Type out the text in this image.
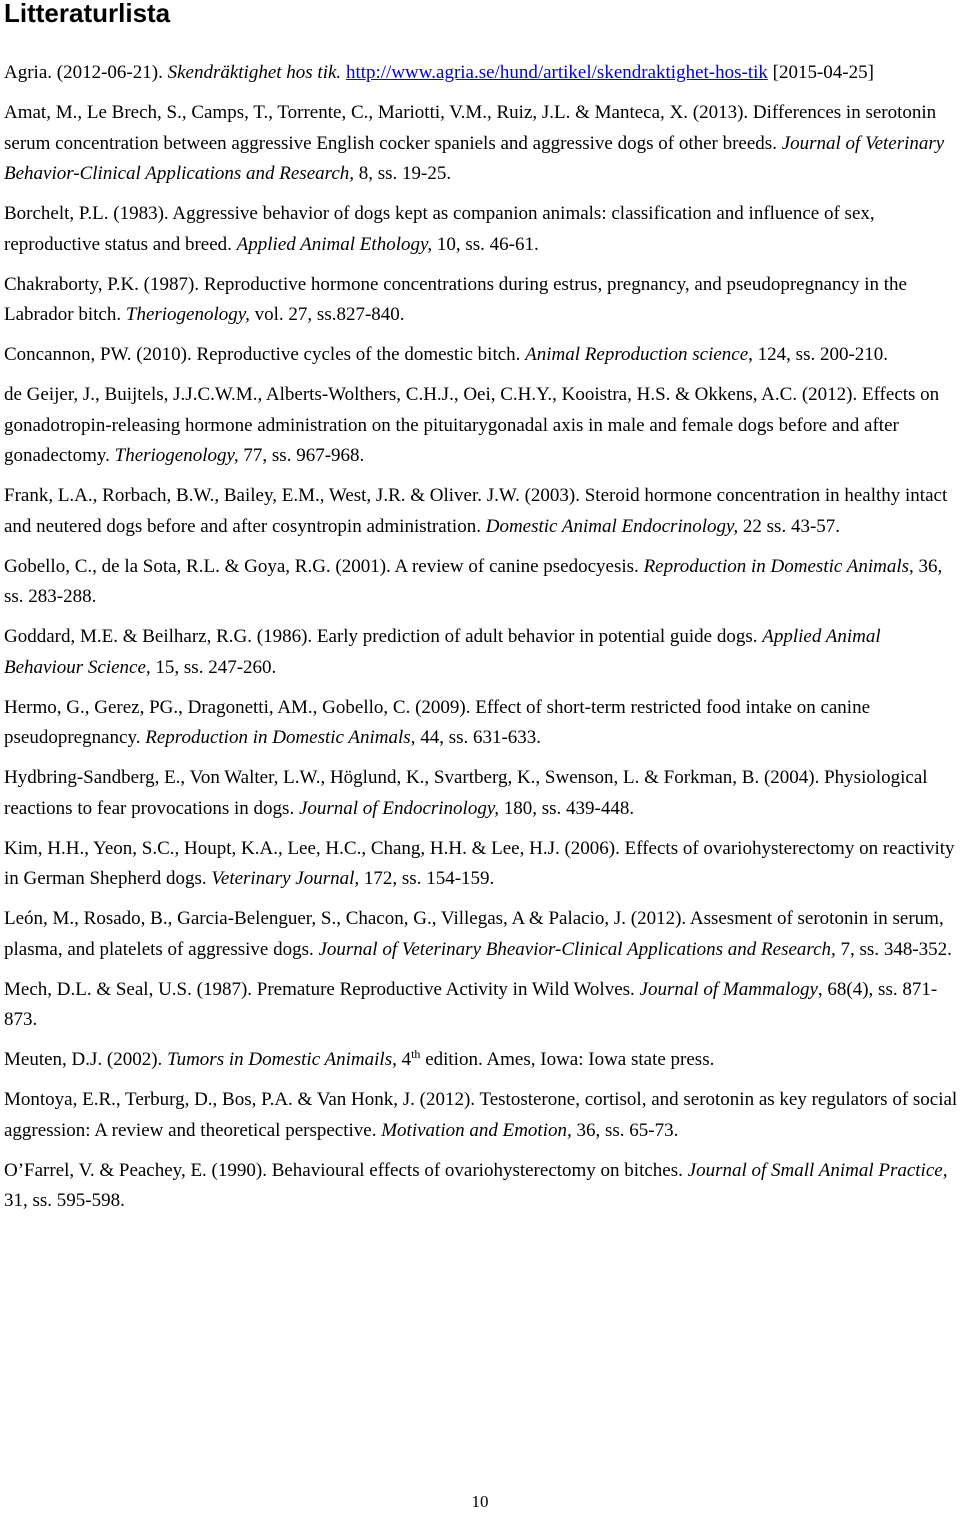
Litteraturlista

Agria. (2012-06-21). Skendräktighet hos tik. http://www.agria.se/hund/artikel/skendraktighet-hos-tik [2015-04-25]

Amat, M., Le Brech, S., Camps, T., Torrente, C., Mariotti, V.M., Ruiz, J.L. & Manteca, X. (2013). Differences in serotonin serum concentration between aggressive English cocker spaniels and aggressive dogs of other breeds. Journal of Veterinary Behavior-Clinical Applications and Research, 8, ss. 19-25.

Borchelt, P.L. (1983). Aggressive behavior of dogs kept as companion animals: classification and influence of sex, reproductive status and breed. Applied Animal Ethology, 10, ss. 46-61.

Chakraborty, P.K. (1987). Reproductive hormone concentrations during estrus, pregnancy, and pseudopregnancy in the Labrador bitch. Theriogenology, vol. 27, ss.827-840.

Concannon, PW. (2010). Reproductive cycles of the domestic bitch. Animal Reproduction science, 124, ss. 200-210.

de Geijer, J., Buijtels, J.J.C.W.M., Alberts-Wolthers, C.H.J., Oei, C.H.Y., Kooistra, H.S. & Okkens, A.C. (2012). Effects on gonadotropin-releasing hormone administration on the pituitarygonadal axis in male and female dogs before and after gonadectomy. Theriogenology, 77, ss. 967-968.

Frank, L.A., Rorbach, B.W., Bailey, E.M., West, J.R. & Oliver. J.W. (2003). Steroid hormone concentration in healthy intact and neutered dogs before and after cosyntropin administration. Domestic Animal Endocrinology, 22 ss. 43-57.

Gobello, C., de la Sota, R.L. & Goya, R.G. (2001). A review of canine psedocyesis. Reproduction in Domestic Animals, 36, ss. 283-288.

Goddard, M.E. & Beilharz, R.G. (1986). Early prediction of adult behavior in potential guide dogs. Applied Animal Behaviour Science, 15, ss. 247-260.

Hermo, G., Gerez, PG., Dragonetti, AM., Gobello, C. (2009). Effect of short-term restricted food intake on canine pseudopregnancy. Reproduction in Domestic Animals, 44, ss. 631-633.

Hydbring-Sandberg, E., Von Walter, L.W., Höglund, K., Svartberg, K., Swenson, L. & Forkman, B. (2004). Physiological reactions to fear provocations in dogs. Journal of Endocrinology, 180, ss. 439-448.

Kim, H.H., Yeon, S.C., Houpt, K.A., Lee, H.C., Chang, H.H. & Lee, H.J. (2006). Effects of ovariohysterectomy on reactivity in German Shepherd dogs. Veterinary Journal, 172, ss. 154-159.

León, M., Rosado, B., Garcia-Belenguer, S., Chacon, G., Villegas, A & Palacio, J. (2012). Assesment of serotonin in serum, plasma, and platelets of aggressive dogs. Journal of Veterinary Bheavior-Clinical Applications and Research, 7, ss. 348-352.

Mech, D.L. & Seal, U.S. (1987). Premature Reproductive Activity in Wild Wolves. Journal of Mammalogy, 68(4), ss. 871-873.

Meuten, D.J. (2002). Tumors in Domestic Animails, 4th edition. Ames, Iowa: Iowa state press.

Montoya, E.R., Terburg, D., Bos, P.A. & Van Honk, J. (2012). Testosterone, cortisol, and serotonin as key regulators of social aggression: A review and theoretical perspective. Motivation and Emotion, 36, ss. 65-73.

O’Farrel, V. & Peachey, E. (1990). Behavioural effects of ovariohysterectomy on bitches. Journal of Small Animal Practice, 31, ss. 595-598.

10
